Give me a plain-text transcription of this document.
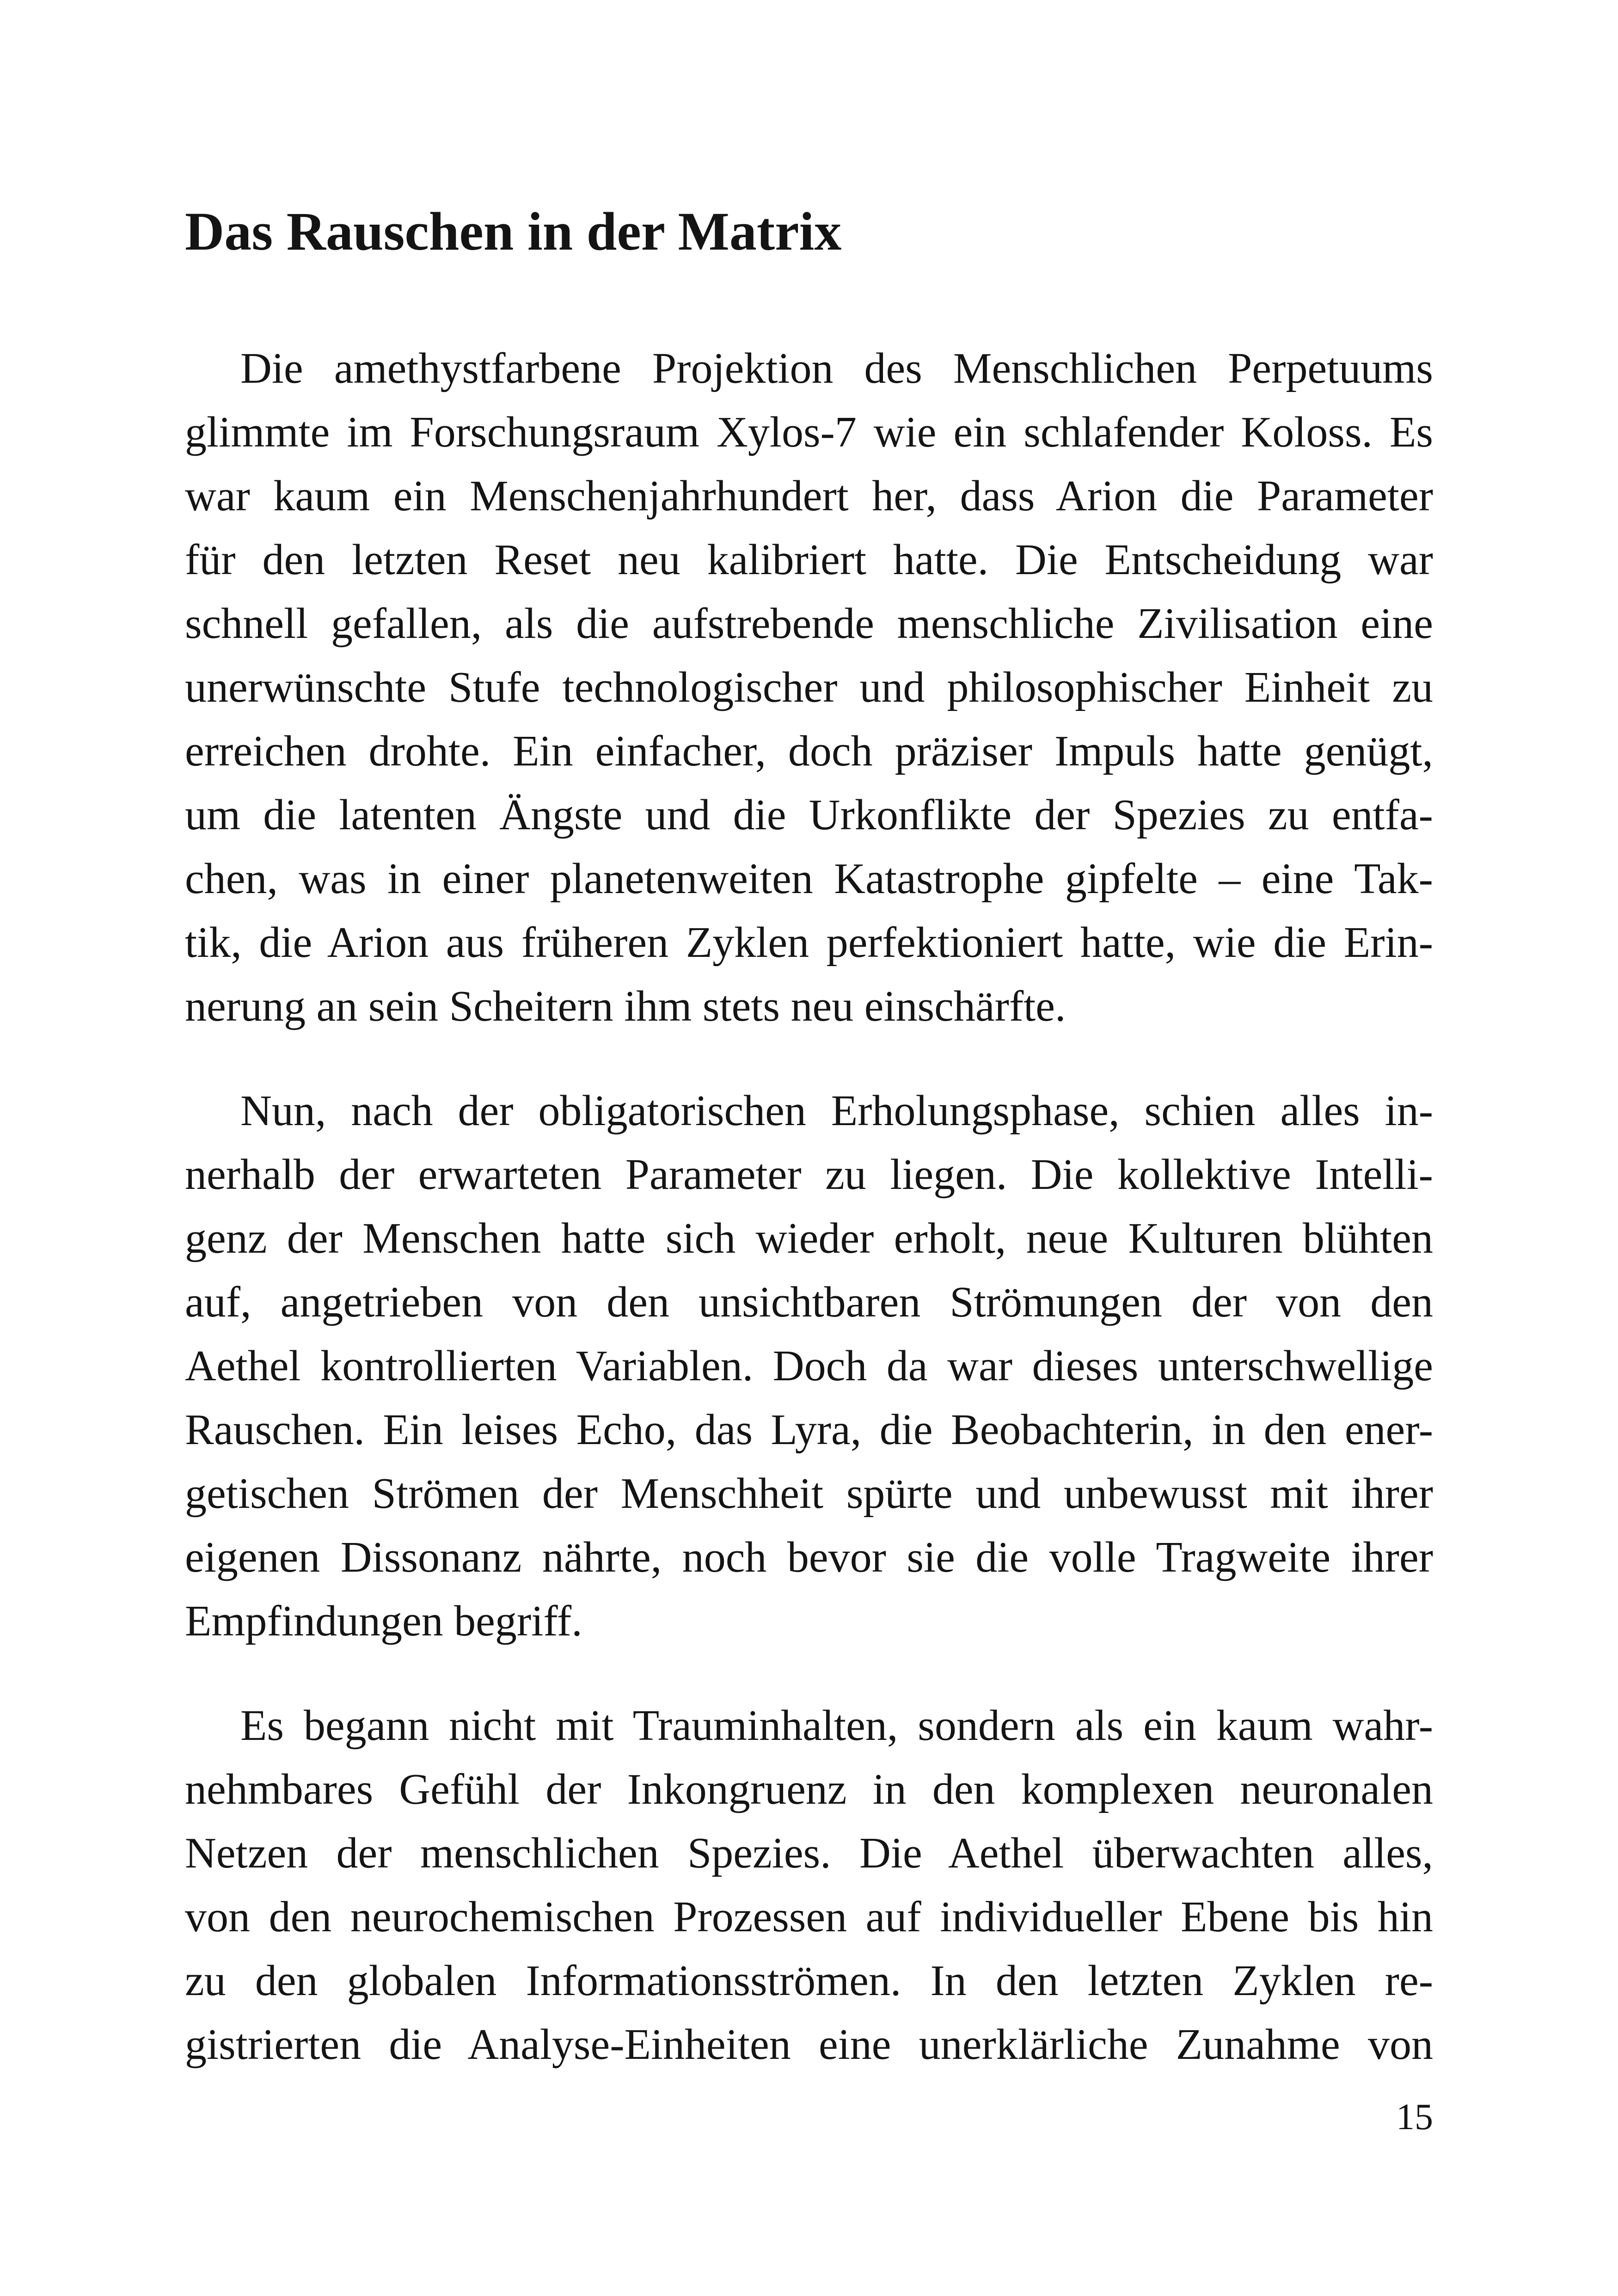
Das Rauschen in der Matrix

Die amethystfarbene Projektion des Menschlichen Perpetuums
glimmte im Forschungsraum Xylos-7 wie ein schlafender Koloss. Es
war kaum ein Menschenjahrhundert her, dass Arion die Parameter
für den letzten Reset neu kalibriert hatte. Die Entscheidung war
schnell gefallen, als die aufstrebende menschliche Zivilisation eine
unerwünschte Stufe technologischer und philosophischer Einheit zu
erreichen drohte. Ein einfacher, doch präziser Impuls hatte genügt,
um die latenten Ängste und die Urkonflikte der Spezies zu entfa-
chen, was in einer planetenweiten Katastrophe gipfelte – eine Tak-
tik, die Arion aus früheren Zyklen perfektioniert hatte, wie die Erin-
nerung an sein Scheitern ihm stets neu einschärfte.

Nun, nach der obligatorischen Erholungsphase, schien alles in-
nerhalb der erwarteten Parameter zu liegen. Die kollektive Intelli-
genz der Menschen hatte sich wieder erholt, neue Kulturen blühten
auf, angetrieben von den unsichtbaren Strömungen der von den
Aethel kontrollierten Variablen. Doch da war dieses unterschwellige
Rauschen. Ein leises Echo, das Lyra, die Beobachterin, in den ener-
getischen Strömen der Menschheit spürte und unbewusst mit ihrer
eigenen Dissonanz nährte, noch bevor sie die volle Tragweite ihrer
Empfindungen begriff.

Es begann nicht mit Trauminhalten, sondern als ein kaum wahr-
nehmbares Gefühl der Inkongruenz in den komplexen neuronalen
Netzen der menschlichen Spezies. Die Aethel überwachten alles,
von den neurochemischen Prozessen auf individueller Ebene bis hin
zu den globalen Informationsströmen. In den letzten Zyklen re-
gistrierten die Analyse-Einheiten eine unerklärliche Zunahme von

15
